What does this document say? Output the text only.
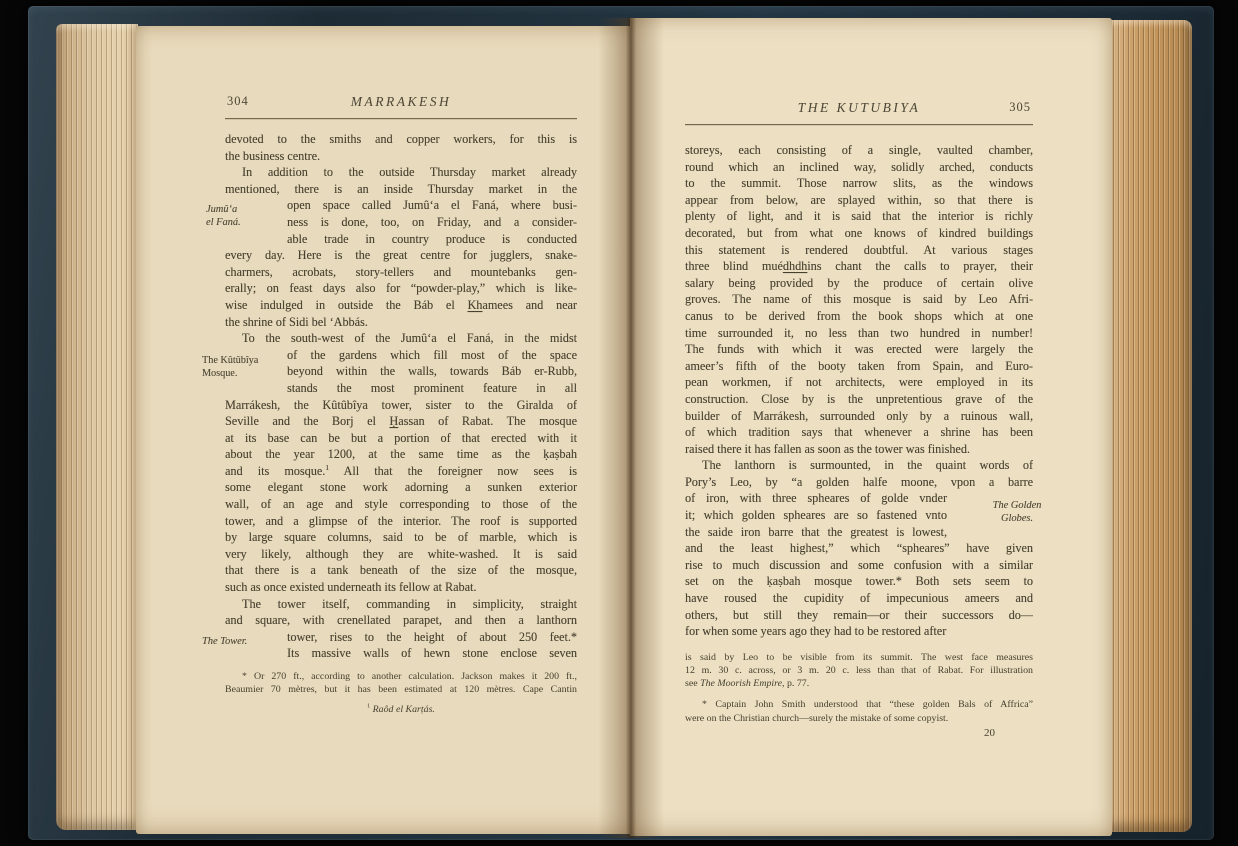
304	MARRAKESH
devoted to the smiths and copper workers, for this is
the business centre.
In addition to the outside Thursday market already
mentioned, there is an inside Thursday market in the
open space called Jumû‘a el Faná, where busi-
ness is done, too, on Friday, and a consider-
able trade in country produce is conducted
every day. Here is the great centre for jugglers, snake-
charmers, acrobats, story-tellers and mountebanks gen-
erally; on feast days also for “powder-play,” which is like-
wise indulged in outside the Báb el Khamees and near
the shrine of Sidi bel ‘Abbás.
To the south-west of the Jumû‘a el Faná, in the midst
of the gardens which fill most of the space
beyond within the walls, towards Báb er-Rubb,
stands the most prominent feature in all
Marrákesh, the Kûtûbîya tower, sister to the Giralda of
Seville and the Borj el Ḥassan of Rabat. The mosque
at its base can be but a portion of that erected with it
about the year 1200, at the same time as the ḳaṣbah
and its mosque.$^1$ All that the foreigner now sees is
some elegant stone work adorning a sunken exterior
wall, of an age and style corresponding to those of the
tower, and a glimpse of the interior. The roof is supported
by large square columns, said to be of marble, which is
very likely, although they are white-washed. It is said
that there is a tank beneath of the size of the mosque,
such as once existed underneath its fellow at Rabat.
The tower itself, commanding in simplicity, straight
and square, with crenellated parapet, and then a lanthorn
tower, rises to the height of about 250 feet.*
Its massive walls of hewn stone enclose seven
* Or 270 ft., according to another calculation. Jackson makes it 200 ft.,
Beaumier 70 mètres, but it has been estimated at 120 mètres. Cape Cantin
$^1$ Raôd el Karṭás.
Jumû‘a
el Faná.
The Kûtûbîya
Mosque.
The Tower.
THE KUTUBIYA	305
storeys, each consisting of a single, vaulted chamber,
round which an inclined way, solidly arched, conducts
to the summit. Those narrow slits, as the windows
appear from below, are splayed within, so that there is
plenty of light, and it is said that the interior is richly
decorated, but from what one knows of kindred buildings
this statement is rendered doubtful. At various stages
three blind muédhdhins chant the calls to prayer, their
salary being provided by the produce of certain olive
groves. The name of this mosque is said by Leo Afri-
canus to be derived from the book shops which at one
time surrounded it, no less than two hundred in number!
The funds with which it was erected were largely the
ameer’s fifth of the booty taken from Spain, and Euro-
pean workmen, if not architects, were employed in its
construction. Close by is the unpretentious grave of the
builder of Marrákesh, surrounded only by a ruinous wall,
of which tradition says that whenever a shrine has been
raised there it has fallen as soon as the tower was finished.
The lanthorn is surmounted, in the quaint words of
Pory’s Leo, by “a golden halfe moone, vpon a barre
of iron, with three spheares of golde vnder
it; which golden spheares are so fastened vnto
the saide iron barre that the greatest is lowest,
and the least highest,” which “spheares” have given
rise to much discussion and some confusion with a similar
set on the ḳaṣbah mosque tower.* Both sets seem to
have roused the cupidity of impecunious ameers and
others, but still they remain—or their successors do—
for when some years ago they had to be restored after
is said by Leo to be visible from its summit. The west face measures
12 m. 30 c. across, or 3 m. 20 c. less than that of Rabat. For illustration
see The Moorish Empire, p. 77.
* Captain John Smith understood that “these golden Bals of Affrica”
were on the Christian church—surely the mistake of some copyist.
20
The Golden
Globes.
